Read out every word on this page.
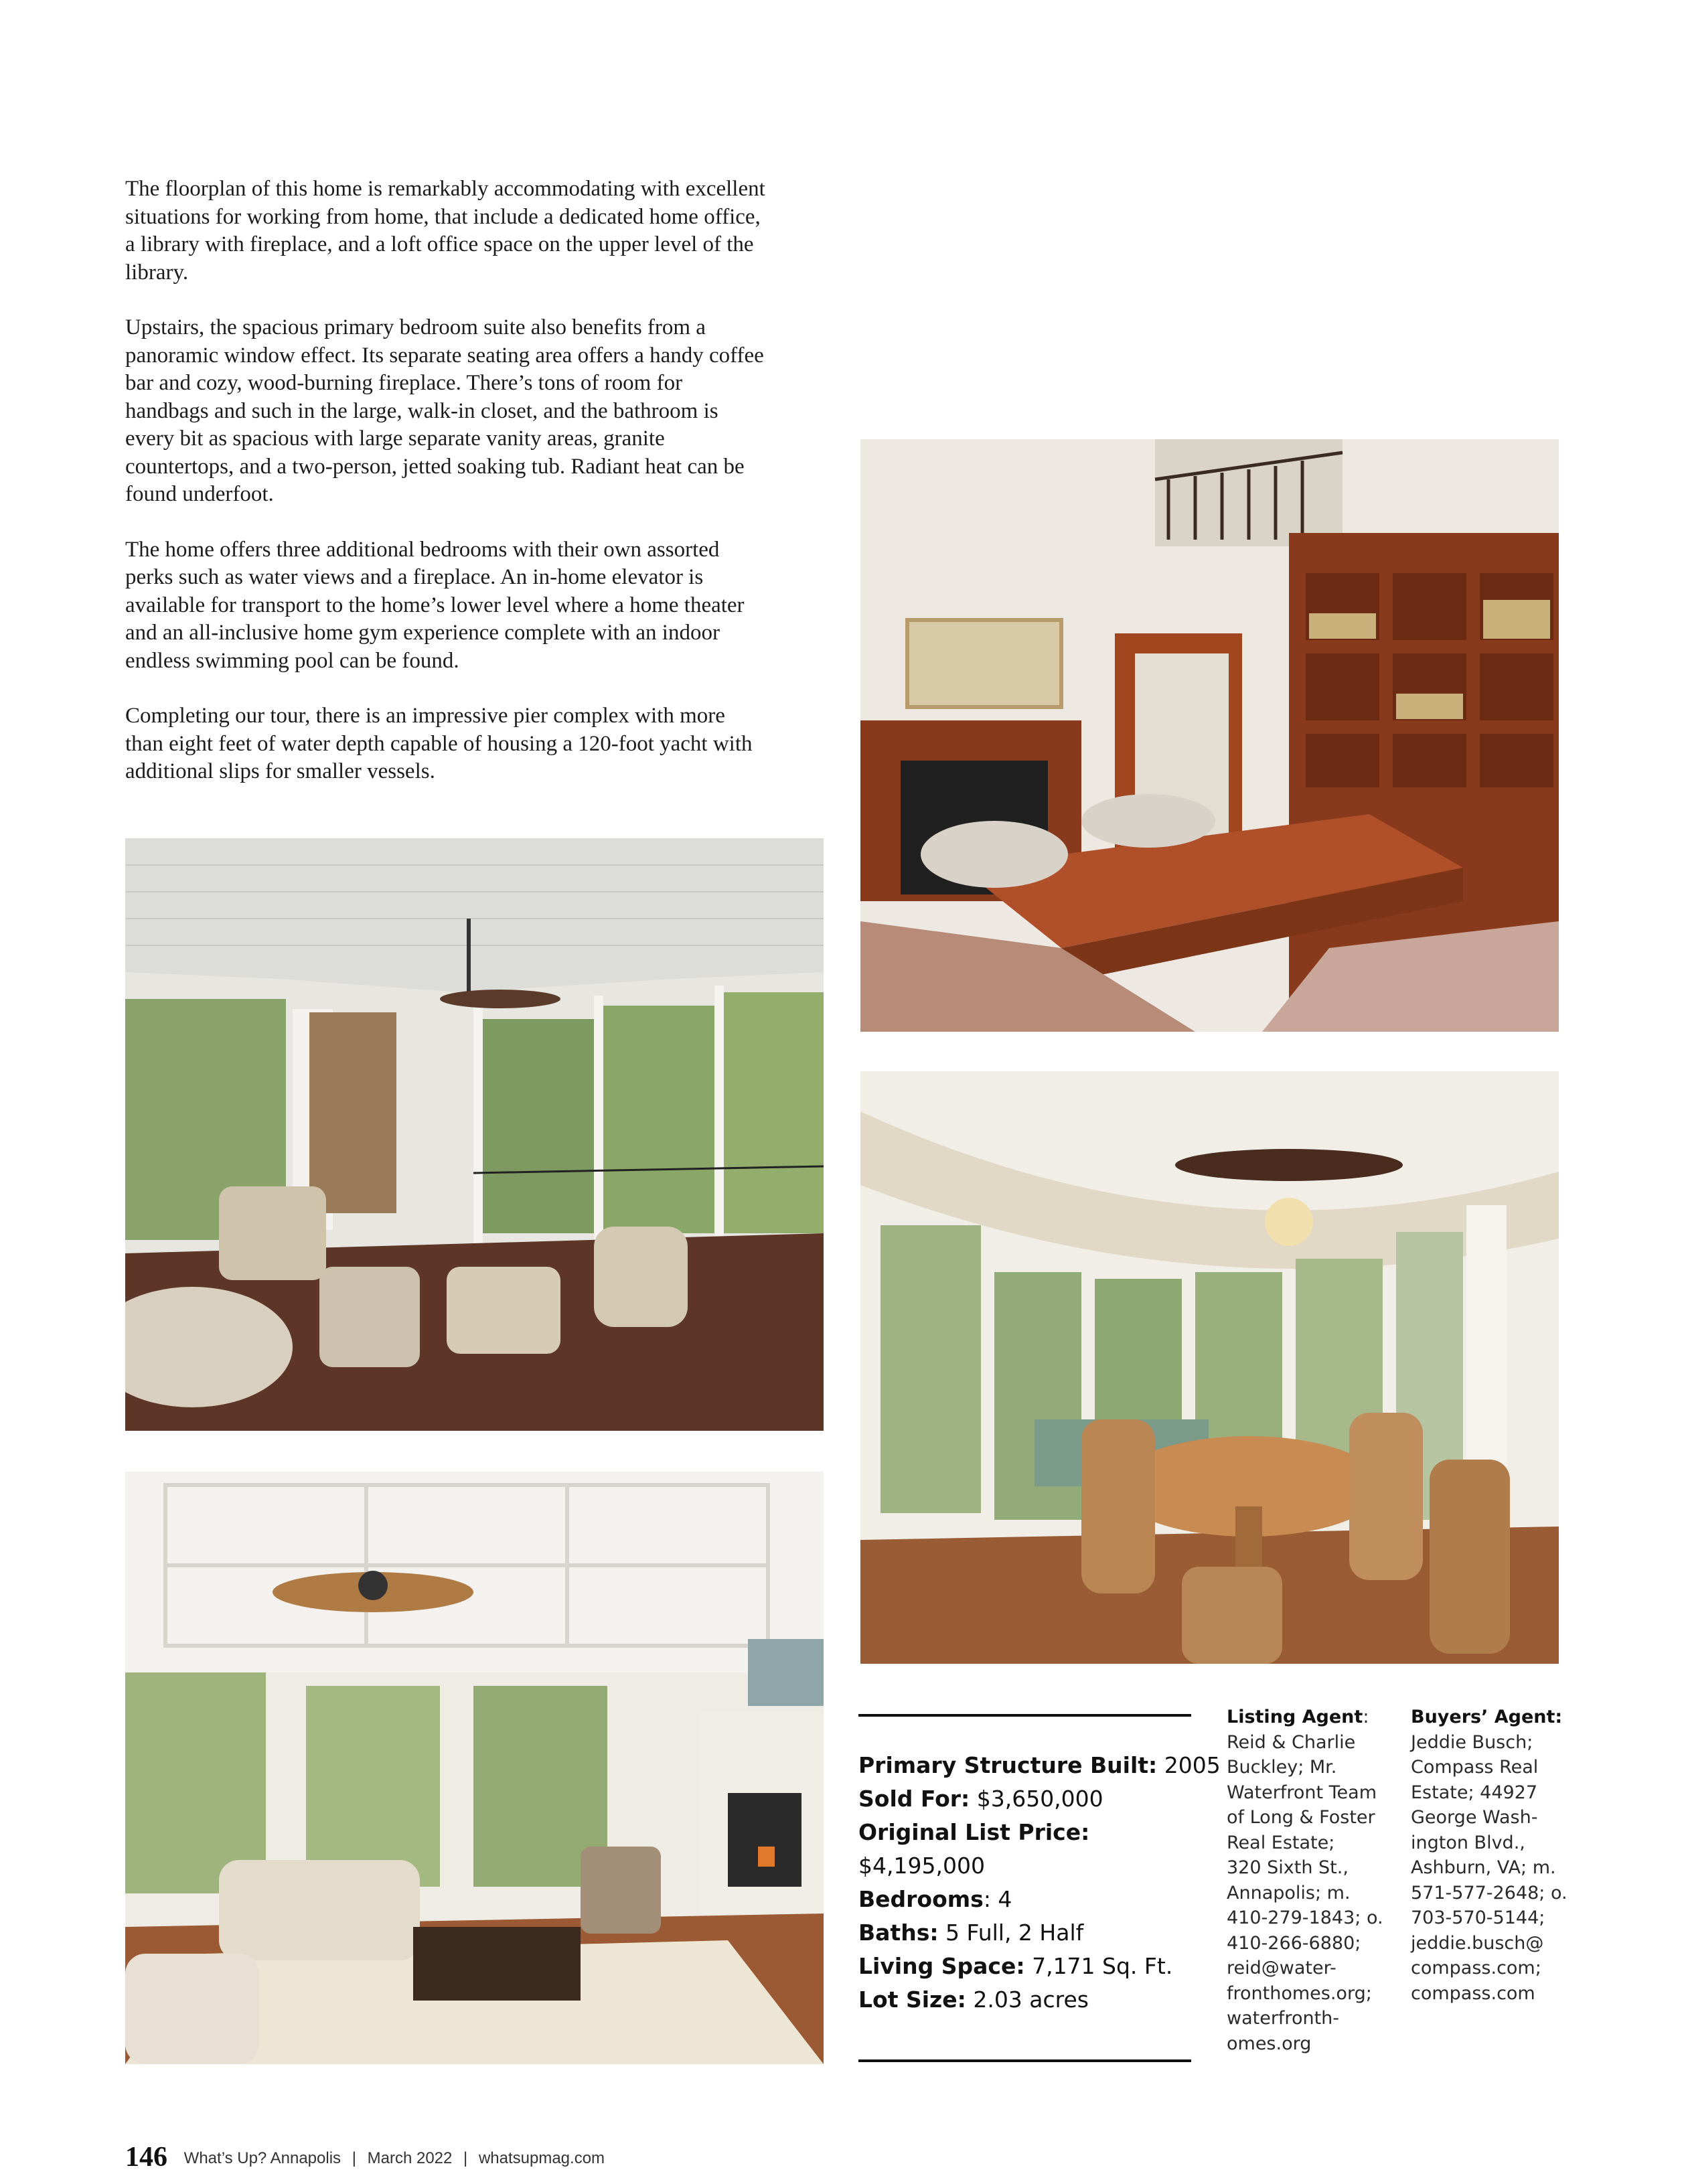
The floorplan of this home is remarkably accommodating with excellent situations for working from home, that include a dedicated home office, a library with fireplace, and a loft office space on the upper level of the library.

Upstairs, the spacious primary bedroom suite also benefits from a panoramic window effect. Its separate seating area offers a handy coffee bar and cozy, wood-burning fireplace. There’s tons of room for handbags and such in the large, walk-in closet, and the bathroom is every bit as spacious with large separate vanity areas, granite countertops, and a two-person, jetted soaking tub. Radiant heat can be found underfoot.

The home offers three additional bedrooms with their own assorted perks such as water views and a fireplace. An in-home elevator is available for transport to the home’s lower level where a home theater and an all-inclusive home gym experience complete with an indoor endless swimming pool can be found.

Completing our tour, there is an impressive pier complex with more than eight feet of water depth capable of housing a 120-foot yacht with additional slips for smaller vessels.

Primary Structure Built: 2005
Sold For: $3,650,000
Original List Price:
$4,195,000
Bedrooms: 4
Baths: 5 Full, 2 Half
Living Space: 7,171 Sq. Ft.
Lot Size: 2.03 acres
Listing Agent:
Reid & Charlie
Buckley; Mr.
Waterfront Team
of Long & Foster
Real Estate;
320 Sixth St.,
Annapolis; m.
410-279-1843; o.
410-266-6880;
reid@water-
fronthomes.org;
waterfronth-
omes.org
Buyers’ Agent:
Jeddie Busch;
Compass Real
Estate; 44927
George Wash-
ington Blvd.,
Ashburn, VA; m.
571-577-2648; o.
703-570-5144;
jeddie.busch@
compass.com;
compass.com
146 What’s Up? Annapolis | March 2022 | whatsupmag.com
